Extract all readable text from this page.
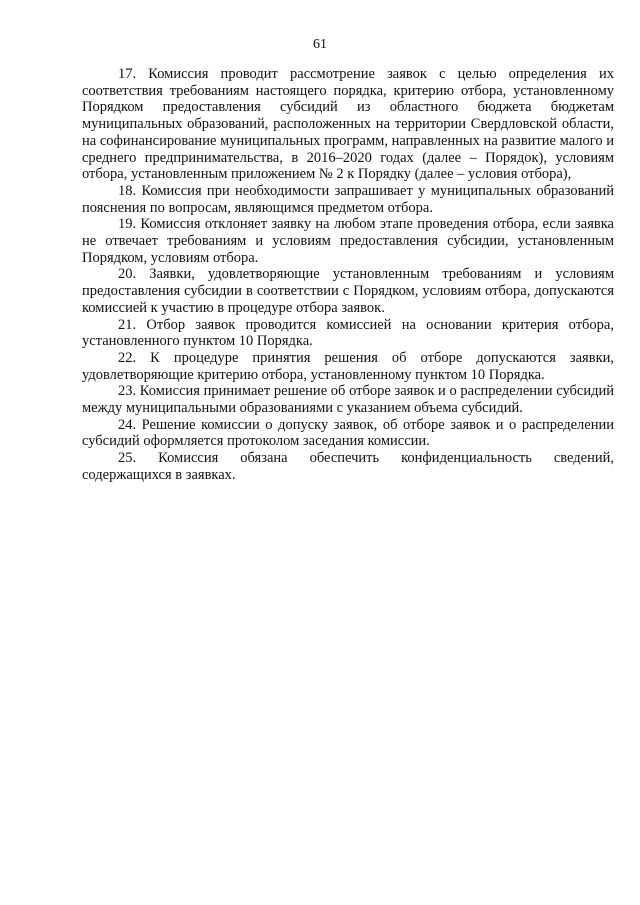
61

17. Комиссия проводит рассмотрение заявок с целью определения их соответствия требованиям настоящего порядка, критерию отбора, установленному Порядком предоставления субсидий из областного бюджета бюджетам муниципальных образований, расположенных на территории Свердловской области, на софинансирование муниципальных программ, направленных на развитие малого и среднего предпринимательства, в 2016–2020 годах (далее – Порядок), условиям отбора, установленным приложением № 2 к Порядку (далее – условия отбора),

18. Комиссия при необходимости запрашивает у муниципальных образований пояснения по вопросам, являющимся предметом отбора.

19. Комиссия отклоняет заявку на любом этапе проведения отбора, если заявка не отвечает требованиям и условиям предоставления субсидии, установленным Порядком, условиям отбора.

20. Заявки, удовлетворяющие установленным требованиям и условиям предоставления субсидии в соответствии с Порядком, условиям отбора, допускаются комиссией к участию в процедуре отбора заявок.

21. Отбор заявок проводится комиссией на основании критерия отбора, установленного пунктом 10 Порядка.

22. К процедуре принятия решения об отборе допускаются заявки, удовлетворяющие критерию отбора, установленному пунктом 10 Порядка.

23. Комиссия принимает решение об отборе заявок и о распределении субсидий между муниципальными образованиями с указанием объема субсидий.

24. Решение комиссии о допуску заявок, об отборе заявок и о распределении субсидий оформляется протоколом заседания комиссии.

25. Комиссия обязана обеспечить конфиденциальность сведений, содержащихся в заявках.
